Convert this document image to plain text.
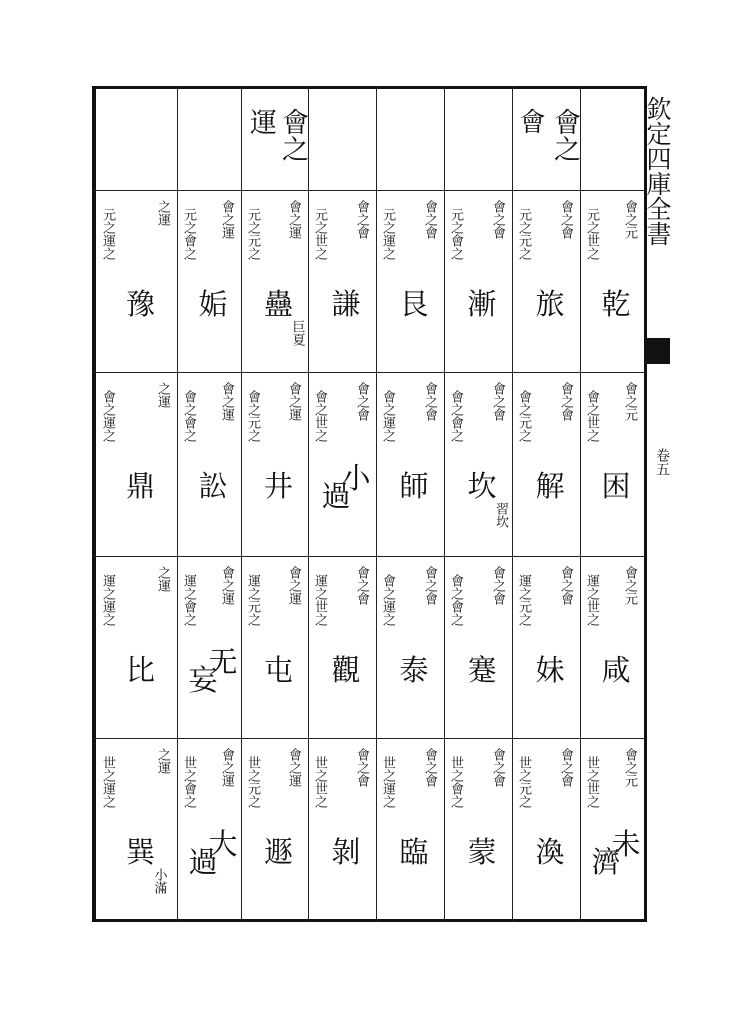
欽定四庫全書
卷五
會之
會
會之
運
會之元
元之世之
乾
會之元
會之世之
困
會之元
運之世之
咸
會之元
世之世之
濟
未
會之會
元之元之
旅
會之會
會之元之
解
會之會
運之元之
妹
會之會
世之元之
渙
會之會
元之會之
漸
會之會
會之會之
坎
習坎
會之會
會之會之
蹇
會之會
世之會之
蒙
會之會
元之運之
艮
會之會
會之運之
師
會之會
會之運之
泰
會之會
世之運之
臨
會之會
元之世之
謙
會之會
會之世之
過
小
會之會
運之世之
觀
會之會
世之世之
剝
會之運
元之元之
蠱
巨夏
會之運
會之元之
井
會之運
運之元之
屯
會之運
世之元之
遯
會之運
元之會之
姤
會之運
會之會之
訟
會之運
運之會之
妄
无
會之運
世之會之
過
大
之運
元之運之
豫
之運
會之運之
鼎
之運
運之運之
比
之運
世之運之
巽
小滿
